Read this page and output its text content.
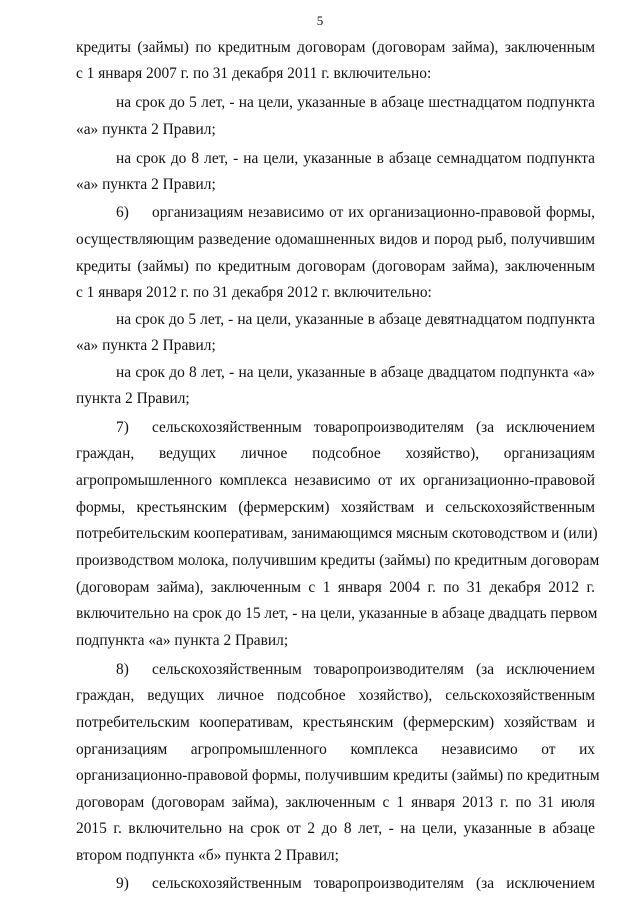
5
кредиты (займы) по кредитным договорам (договорам займа), заключенным
с 1 января 2007 г. по 31 декабря 2011 г. включительно:
на срок до 5 лет, - на цели, указанные в абзаце шестнадцатом подпункта
«а» пункта 2 Правил;
на срок до 8 лет, - на цели, указанные в абзаце семнадцатом подпункта
«а» пункта 2 Правил;
6) организациям независимо от их организационно-правовой формы,
осуществляющим разведение одомашненных видов и пород рыб, получившим
кредиты (займы) по кредитным договорам (договорам займа), заключенным
с 1 января 2012 г. по 31 декабря 2012 г. включительно:
на срок до 5 лет, - на цели, указанные в абзаце девятнадцатом подпункта
«а» пункта 2 Правил;
на срок до 8 лет, - на цели, указанные в абзаце двадцатом подпункта «а»
пункта 2 Правил;
7) сельскохозяйственным товаропроизводителям (за исключением
граждан, ведущих личное подсобное хозяйство), организациям
агропромышленного комплекса независимо от их организационно-правовой
формы, крестьянским (фермерским) хозяйствам и сельскохозяйственным
потребительским кооперативам, занимающимся мясным скотоводством и (или)
производством молока, получившим кредиты (займы) по кредитным договорам
(договорам займа), заключенным с 1 января 2004 г. по 31 декабря 2012 г.
включительно на срок до 15 лет, - на цели, указанные в абзаце двадцать первом
подпункта «а» пункта 2 Правил;
8) сельскохозяйственным товаропроизводителям (за исключением
граждан, ведущих личное подсобное хозяйство), сельскохозяйственным
потребительским кооперативам, крестьянским (фермерским) хозяйствам и
организациям агропромышленного комплекса независимо от их
организационно-правовой формы, получившим кредиты (займы) по кредитным
договорам (договорам займа), заключенным с 1 января 2013 г. по 31 июля
2015 г. включительно на срок от 2 до 8 лет, - на цели, указанные в абзаце
втором подпункта «б» пункта 2 Правил;
9) сельскохозяйственным товаропроизводителям (за исключением
